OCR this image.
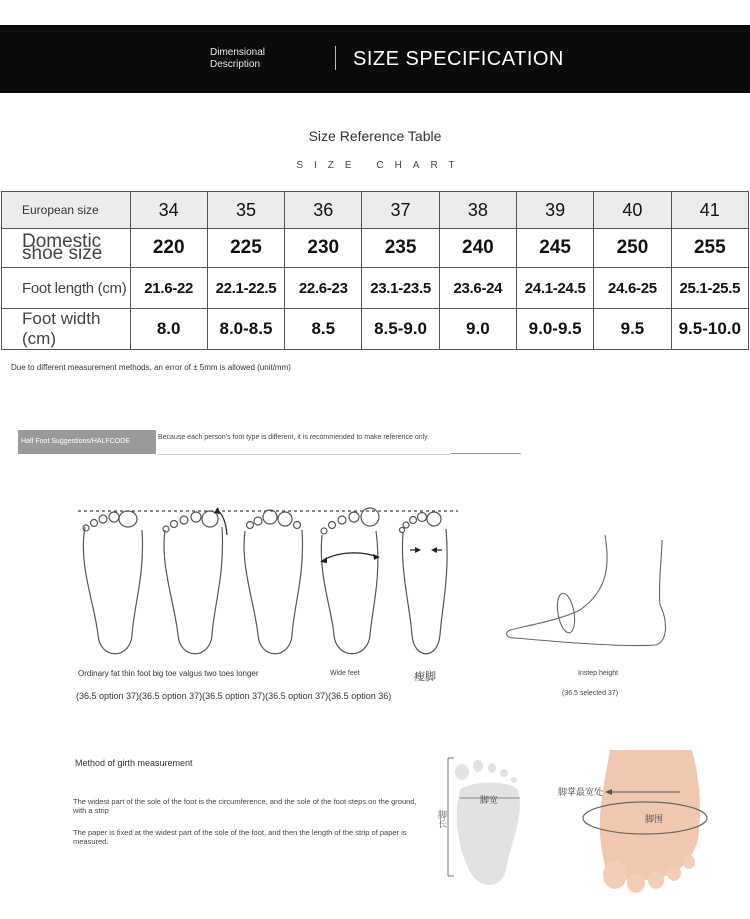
Dimensional
Description	SIZE SPECIFICATION
Size Reference Table
SIZE CHART
European size	34	35	36	37	38	39	40	41
Domestic shoe size	220	225	230	235	240	245	250	255
Foot length (cm)	21.6-22	22.1-22.5	22.6-23	23.1-23.5	23.6-24	24.1-24.5	24.6-25	25.1-25.5
Foot width (cm)	8.0	8.0-8.5	8.5	8.5-9.0	9.0	9.0-9.5	9.5	9.5-10.0
Due to different measurement methods, an error of ± 5mm is allowed (unit/mm)
Half Foot Suggestions/HALFCODE
Because each person's foot type is different, it is recommended to make reference only.
Ordinary fat thin foot big toe valgus two toes longer	Wide feet	瘦脚
(36.5 option 37)(36.5 option 37)(36.5 option 37)(36.5 option 37)(36.5 option 36)
Instep height
(36.5 selected 37)
Method of girth measurement
The widest part of the sole of the foot is the circumference, and the sole of the foot steps on the ground, with a strip
The paper is fixed at the widest part of the sole of the foot, and then the length of the strip of paper is measured.
脚长
脚宽
脚掌最宽处
脚围
